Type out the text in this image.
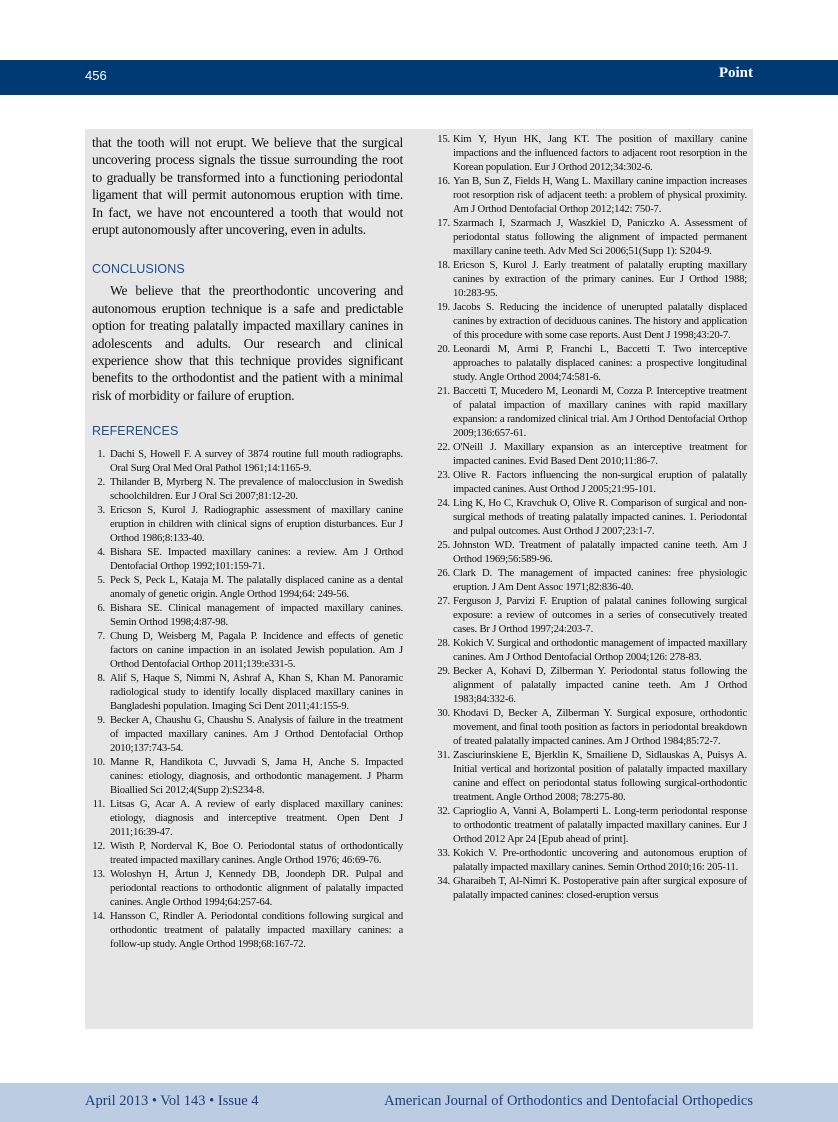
456	Point

that the tooth will not erupt. We believe that the surgical uncovering process signals the tissue surrounding the root to gradually be transformed into a functioning periodontal ligament that will permit autonomous eruption with time. In fact, we have not encountered a tooth that would not erupt autonomously after uncovering, even in adults.

CONCLUSIONS

We believe that the preorthodontic uncovering and autonomous eruption technique is a safe and predictable option for treating palatally impacted maxillary canines in adolescents and adults. Our research and clinical experience show that this technique provides significant benefits to the orthodontist and the patient with a minimal risk of morbidity or failure of eruption.

REFERENCES
1. Dachi S, Howell F. A survey of 3874 routine full mouth radiographs. Oral Surg Oral Med Oral Pathol 1961;14:1165-9.
2. Thilander B, Myrberg N. The prevalence of malocclusion in Swedish schoolchildren. Eur J Oral Sci 2007;81:12-20.
3. Ericson S, Kurol J. Radiographic assessment of maxillary canine eruption in children with clinical signs of eruption disturbances. Eur J Orthod 1986;8:133-40.
4. Bishara SE. Impacted maxillary canines: a review. Am J Orthod Dentofacial Orthop 1992;101:159-71.
5. Peck S, Peck L, Kataja M. The palatally displaced canine as a dental anomaly of genetic origin. Angle Orthod 1994;64: 249-56.
6. Bishara SE. Clinical management of impacted maxillary canines. Semin Orthod 1998;4:87-98.
7. Chung D, Weisberg M, Pagala P. Incidence and effects of genetic factors on canine impaction in an isolated Jewish population. Am J Orthod Dentofacial Orthop 2011;139:e331-5.
8. Alif S, Haque S, Nimmi N, Ashraf A, Khan S, Khan M. Panoramic radiological study to identify locally displaced maxillary canines in Bangladeshi population. Imaging Sci Dent 2011;41:155-9.
9. Becker A, Chaushu G, Chaushu S. Analysis of failure in the treatment of impacted maxillary canines. Am J Orthod Dentofacial Orthop 2010;137:743-54.
10. Manne R, Handikota C, Juvvadi S, Jama H, Anche S. Impacted canines: etiology, diagnosis, and orthodontic management. J Pharm Bioallied Sci 2012;4(Supp 2):S234-8.
11. Litsas G, Acar A. A review of early displaced maxillary canines: etiology, diagnosis and interceptive treatment. Open Dent J 2011;16:39-47.
12. Wisth P, Norderval K, Boe O. Periodontal status of orthodontically treated impacted maxillary canines. Angle Orthod 1976; 46:69-76.
13. Woloshyn H, Årtun J, Kennedy DB, Joondeph DR. Pulpal and periodontal reactions to orthodontic alignment of palatally impacted canines. Angle Orthod 1994;64:257-64.
14. Hansson C, Rindler A. Periodontal conditions following surgical and orthodontic treatment of palatally impacted maxillary canines: a follow-up study. Angle Orthod 1998;68:167-72.
15. Kim Y, Hyun HK, Jang KT. The position of maxillary canine impactions and the influenced factors to adjacent root resorption in the Korean population. Eur J Orthod 2012;34:302-6.
16. Yan B, Sun Z, Fields H, Wang L. Maxillary canine impaction increases root resorption risk of adjacent teeth: a problem of physical proximity. Am J Orthod Dentofacial Orthop 2012;142: 750-7.
17. Szarmach I, Szarmach J, Waszkiel D, Paniczko A. Assessment of periodontal status following the alignment of impacted permanent maxillary canine teeth. Adv Med Sci 2006;51(Supp 1): S204-9.
18. Ericson S, Kurol J. Early treatment of palatally erupting maxillary canines by extraction of the primary canines. Eur J Orthod 1988; 10:283-95.
19. Jacobs S. Reducing the incidence of unerupted palatally displaced canines by extraction of deciduous canines. The history and application of this procedure with some case reports. Aust Dent J 1998;43:20-7.
20. Leonardi M, Armi P, Franchi L, Baccetti T. Two interceptive approaches to palatally displaced canines: a prospective longitudinal study. Angle Orthod 2004;74:581-6.
21. Baccetti T, Mucedero M, Leonardi M, Cozza P. Interceptive treatment of palatal impaction of maxillary canines with rapid maxillary expansion: a randomized clinical trial. Am J Orthod Dentofacial Orthop 2009;136:657-61.
22. O'Neill J. Maxillary expansion as an interceptive treatment for impacted canines. Evid Based Dent 2010;11:86-7.
23. Olive R. Factors influencing the non-surgical eruption of palatally impacted canines. Aust Orthod J 2005;21:95-101.
24. Ling K, Ho C, Kravchuk O, Olive R. Comparison of surgical and non-surgical methods of treating palatally impacted canines. 1. Periodontal and pulpal outcomes. Aust Orthod J 2007;23:1-7.
25. Johnston WD. Treatment of palatally impacted canine teeth. Am J Orthod 1969;56:589-96.
26. Clark D. The management of impacted canines: free physiologic eruption. J Am Dent Assoc 1971;82:836-40.
27. Ferguson J, Parvizi F. Eruption of palatal canines following surgical exposure: a review of outcomes in a series of consecutively treated cases. Br J Orthod 1997;24:203-7.
28. Kokich V. Surgical and orthodontic management of impacted maxillary canines. Am J Orthod Dentofacial Orthop 2004;126: 278-83.
29. Becker A, Kohavi D, Zilberman Y. Periodontal status following the alignment of palatally impacted canine teeth. Am J Orthod 1983;84:332-6.
30. Khodavi D, Becker A, Zilberman Y. Surgical exposure, orthodontic movement, and final tooth position as factors in periodontal breakdown of treated palatally impacted canines. Am J Orthod 1984;85:72-7.
31. Zasciurinskiene E, Bjerklin K, Smailiene D, Sidlauskas A, Puisys A. Initial vertical and horizontal position of palatally impacted maxillary canine and effect on periodontal status following surgical-orthodontic treatment. Angle Orthod 2008; 78:275-80.
32. Caprioglio A, Vanni A, Bolamperti L. Long-term periodontal response to orthodontic treatment of palatally impacted maxillary canines. Eur J Orthod 2012 Apr 24 [Epub ahead of print].
33. Kokich V. Pre-orthodontic uncovering and autonomous eruption of palatally impacted maxillary canines. Semin Orthod 2010;16: 205-11.
34. Gharaibeh T, Al-Nimri K. Postoperative pain after surgical exposure of palatally impacted canines: closed-eruption versus
April 2013 • Vol 143 • Issue 4	American Journal of Orthodontics and Dentofacial Orthopedics
